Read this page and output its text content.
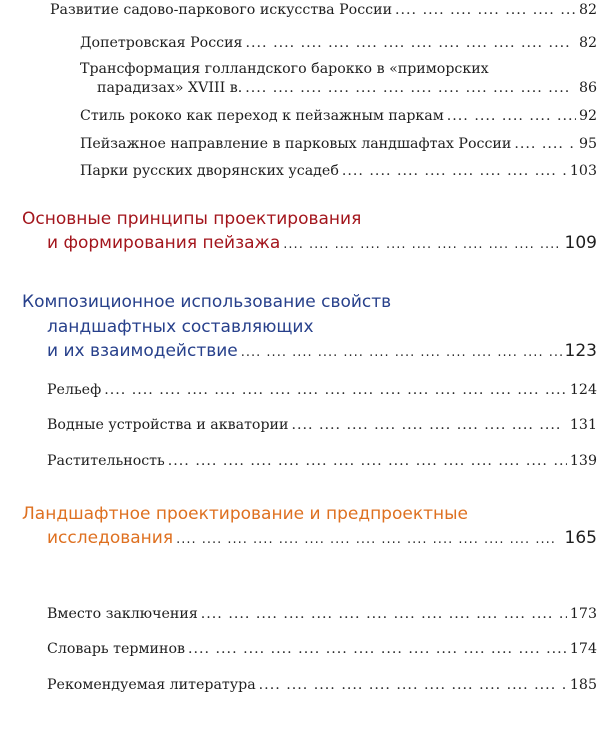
Развитие садово-паркового искусства России ....	82
Допетровская Россия ....	82
Трансформация голландского барокко в «приморских
парадизах» XVIII в. ....	86
Стиль рококо как переход к пейзажным паркам ....	92
Пейзажное направление в парковых ландшафтах России ....	95
Парки русских дворянских усадеб ....	103
Основные принципы проектирования
и формирования пейзажа ....	109
Композиционное использование свойств
ландшафтных составляющих
и их взаимодействие ....	123
Рельеф ....	124
Водные устройства и акватории ....	131
Растительность ....	139
Ландшафтное проектирование и предпроектные
исследования ....	165
Вместо заключения ....	173
Словарь терминов ....	174
Рекомендуемая литература ....	185
